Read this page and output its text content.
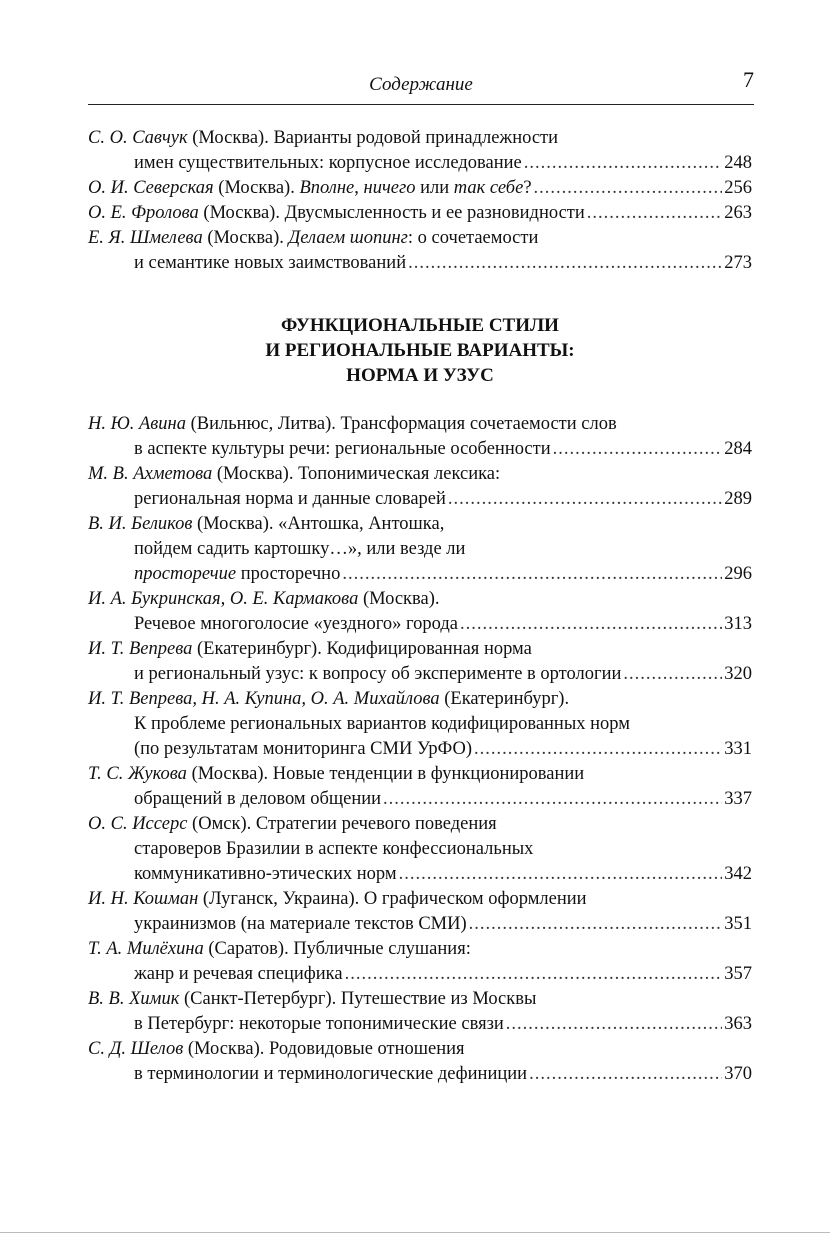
Содержание	7
С. О. Савчук (Москва). Варианты родовой принадлежности
имен существительных: корпусное исследование .....	248
О. И. Северская (Москва). Вполне, ничего или так себе? .....	256
О. Е. Фролова (Москва). Двусмысленность и ее разновидности .....	263
Е. Я. Шмелева (Москва). Делаем шопинг: о сочетаемости
и семантике новых заимствований .....	273
ФУНКЦИОНАЛЬНЫЕ СТИЛИ
И РЕГИОНАЛЬНЫЕ ВАРИАНТЫ:
НОРМА И УЗУС
Н. Ю. Авина (Вильнюс, Литва). Трансформация сочетаемости слов
в аспекте культуры речи: региональные особенности .....	284
М. В. Ахметова (Москва). Топонимическая лексика:
региональная норма и данные словарей .....	289
В. И. Беликов (Москва). «Антошка, Антошка,
пойдем садить картошку…», или везде ли
просторечие просторечно .....	296
И. А. Букринская, О. Е. Кармакова (Москва).
Речевое многоголосие «уездного» города .....	313
И. Т. Вепрева (Екатеринбург). Кодифицированная норма
и региональный узус: к вопросу об эксперименте в ортологии .....	320
И. Т. Вепрева, Н. А. Купина, О. А. Михайлова (Екатеринбург).
К проблеме региональных вариантов кодифицированных норм
(по результатам мониторинга СМИ УрФО) .....	331
Т. С. Жукова (Москва). Новые тенденции в функционировании
обращений в деловом общении .....	337
О. С. Иссерс (Омск). Стратегии речевого поведения
староверов Бразилии в аспекте конфессиональных
коммуникативно-этических норм .....	342
И. Н. Кошман (Луганск, Украина). О графическом оформлении
украинизмов (на материале текстов СМИ) .....	351
Т. А. Милёхина (Саратов). Публичные слушания:
жанр и речевая специфика .....	357
В. В. Химик (Санкт-Петербург). Путешествие из Москвы
в Петербург: некоторые топонимические связи .....	363
С. Д. Шелов (Москва). Родовидовые отношения
в терминологии и терминологические дефиниции .....	370
